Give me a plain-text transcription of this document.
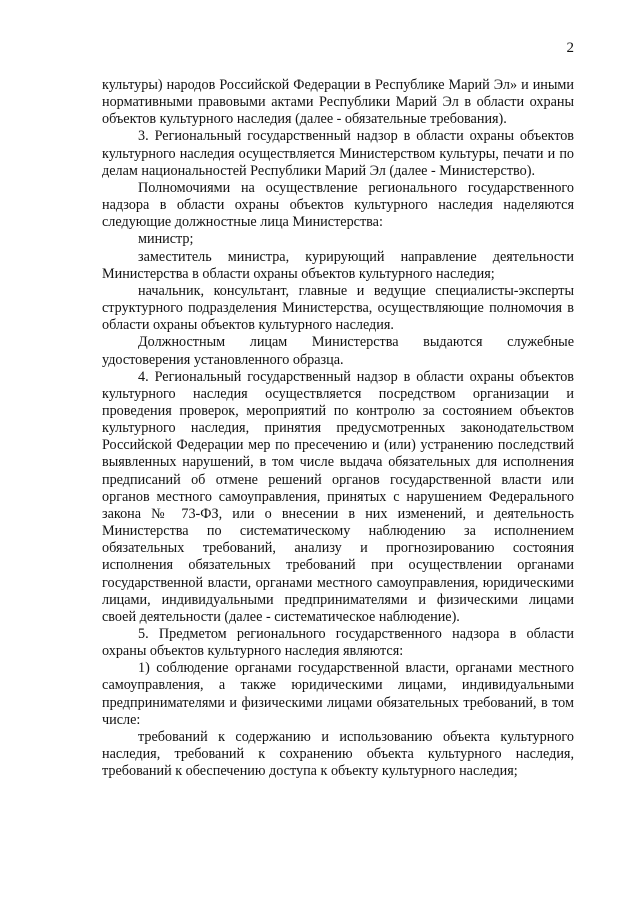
2

культуры) народов Российской Федерации в Республике Марий Эл» и иными нормативными правовыми актами Республики Марий Эл в области охраны объектов культурного наследия (далее - обязательные требования).

3. Региональный государственный надзор в области охраны объектов культурного наследия осуществляется Министерством культуры, печати и по делам национальностей Республики Марий Эл (далее - Министерство).

Полномочиями на осуществление регионального государственного надзора в области охраны объектов культурного наследия наделяются следующие должностные лица Министерства:

министр;

заместитель министра, курирующий направление деятельности Министерства в области охраны объектов культурного наследия;

начальник, консультант, главные и ведущие специалисты-эксперты структурного подразделения Министерства, осуществляющие полномочия в области охраны объектов культурного наследия.

Должностным лицам Министерства выдаются служебные удостоверения установленного образца.

4. Региональный государственный надзор в области охраны объектов культурного наследия осуществляется посредством организации и проведения проверок, мероприятий по контролю за состоянием объектов культурного наследия, принятия предусмотренных законодательством Российской Федерации мер по пресечению и (или) устранению последствий выявленных нарушений, в том числе выдача обязательных для исполнения предписаний об отмене решений органов государственной власти или органов местного самоуправления, принятых с нарушением Федерального закона № 73-ФЗ, или о внесении в них изменений, и деятельность Министерства по систематическому наблюдению за исполнением обязательных требований, анализу и прогнозированию состояния исполнения обязательных требований при осуществлении органами государственной власти, органами местного самоуправления, юридическими лицами, индивидуальными предпринимателями и физическими лицами своей деятельности (далее - систематическое наблюдение).

5. Предметом регионального государственного надзора в области охраны объектов культурного наследия являются:

1) соблюдение органами государственной власти, органами местного самоуправления, а также юридическими лицами, индивидуальными предпринимателями и физическими лицами обязательных требований, в том числе:

требований к содержанию и использованию объекта культурного наследия, требований к сохранению объекта культурного наследия, требований к обеспечению доступа к объекту культурного наследия;
